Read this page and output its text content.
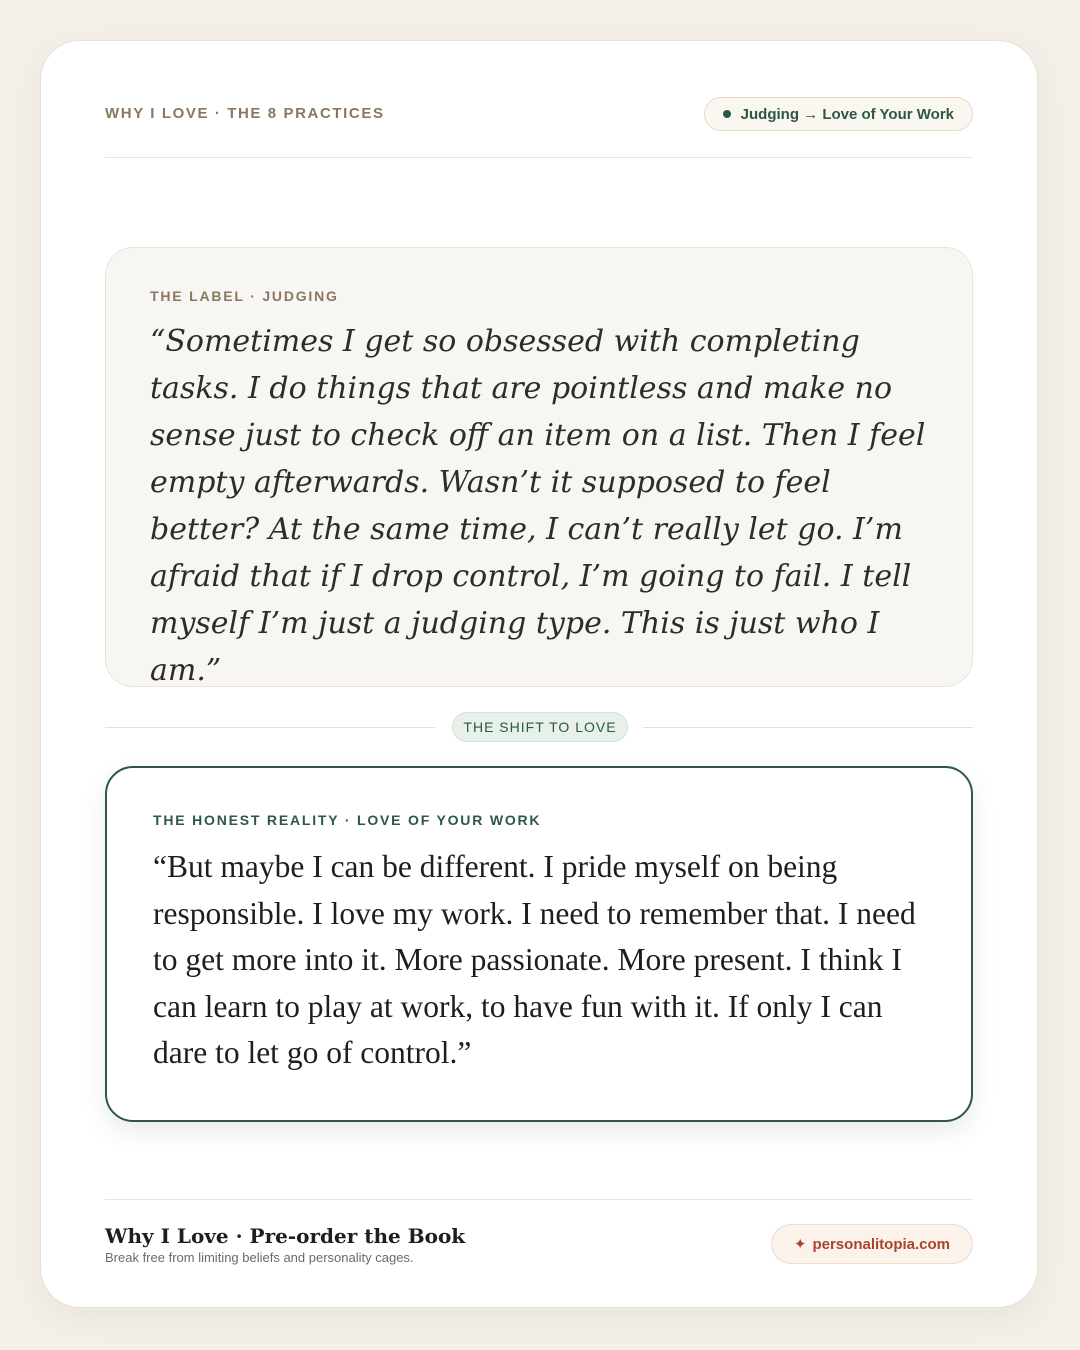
WHY I LOVE · THE 8 PRACTICES	Judging → Love of Your Work
THE LABEL · JUDGING
“Sometimes I get so obsessed with completing tasks. I do things that are pointless and make no sense just to check off an item on a list. Then I feel empty afterwards. Wasn’t it supposed to feel better? At the same time, I can’t really let go. I’m afraid that if I drop control, I’m going to fail. I tell myself I’m just a judging type. This is just who I am.”
THE SHIFT TO LOVE
THE HONEST REALITY · LOVE OF YOUR WORK
“But maybe I can be different. I pride myself on being responsible. I love my work. I need to remember that. I need to get more into it. More passionate. More present. I think I can learn to play at work, to have fun with it. If only I can dare to let go of control.”
Why I Love · Pre-order the Book
Break free from limiting beliefs and personality cages.
✦ personalitopia.com
